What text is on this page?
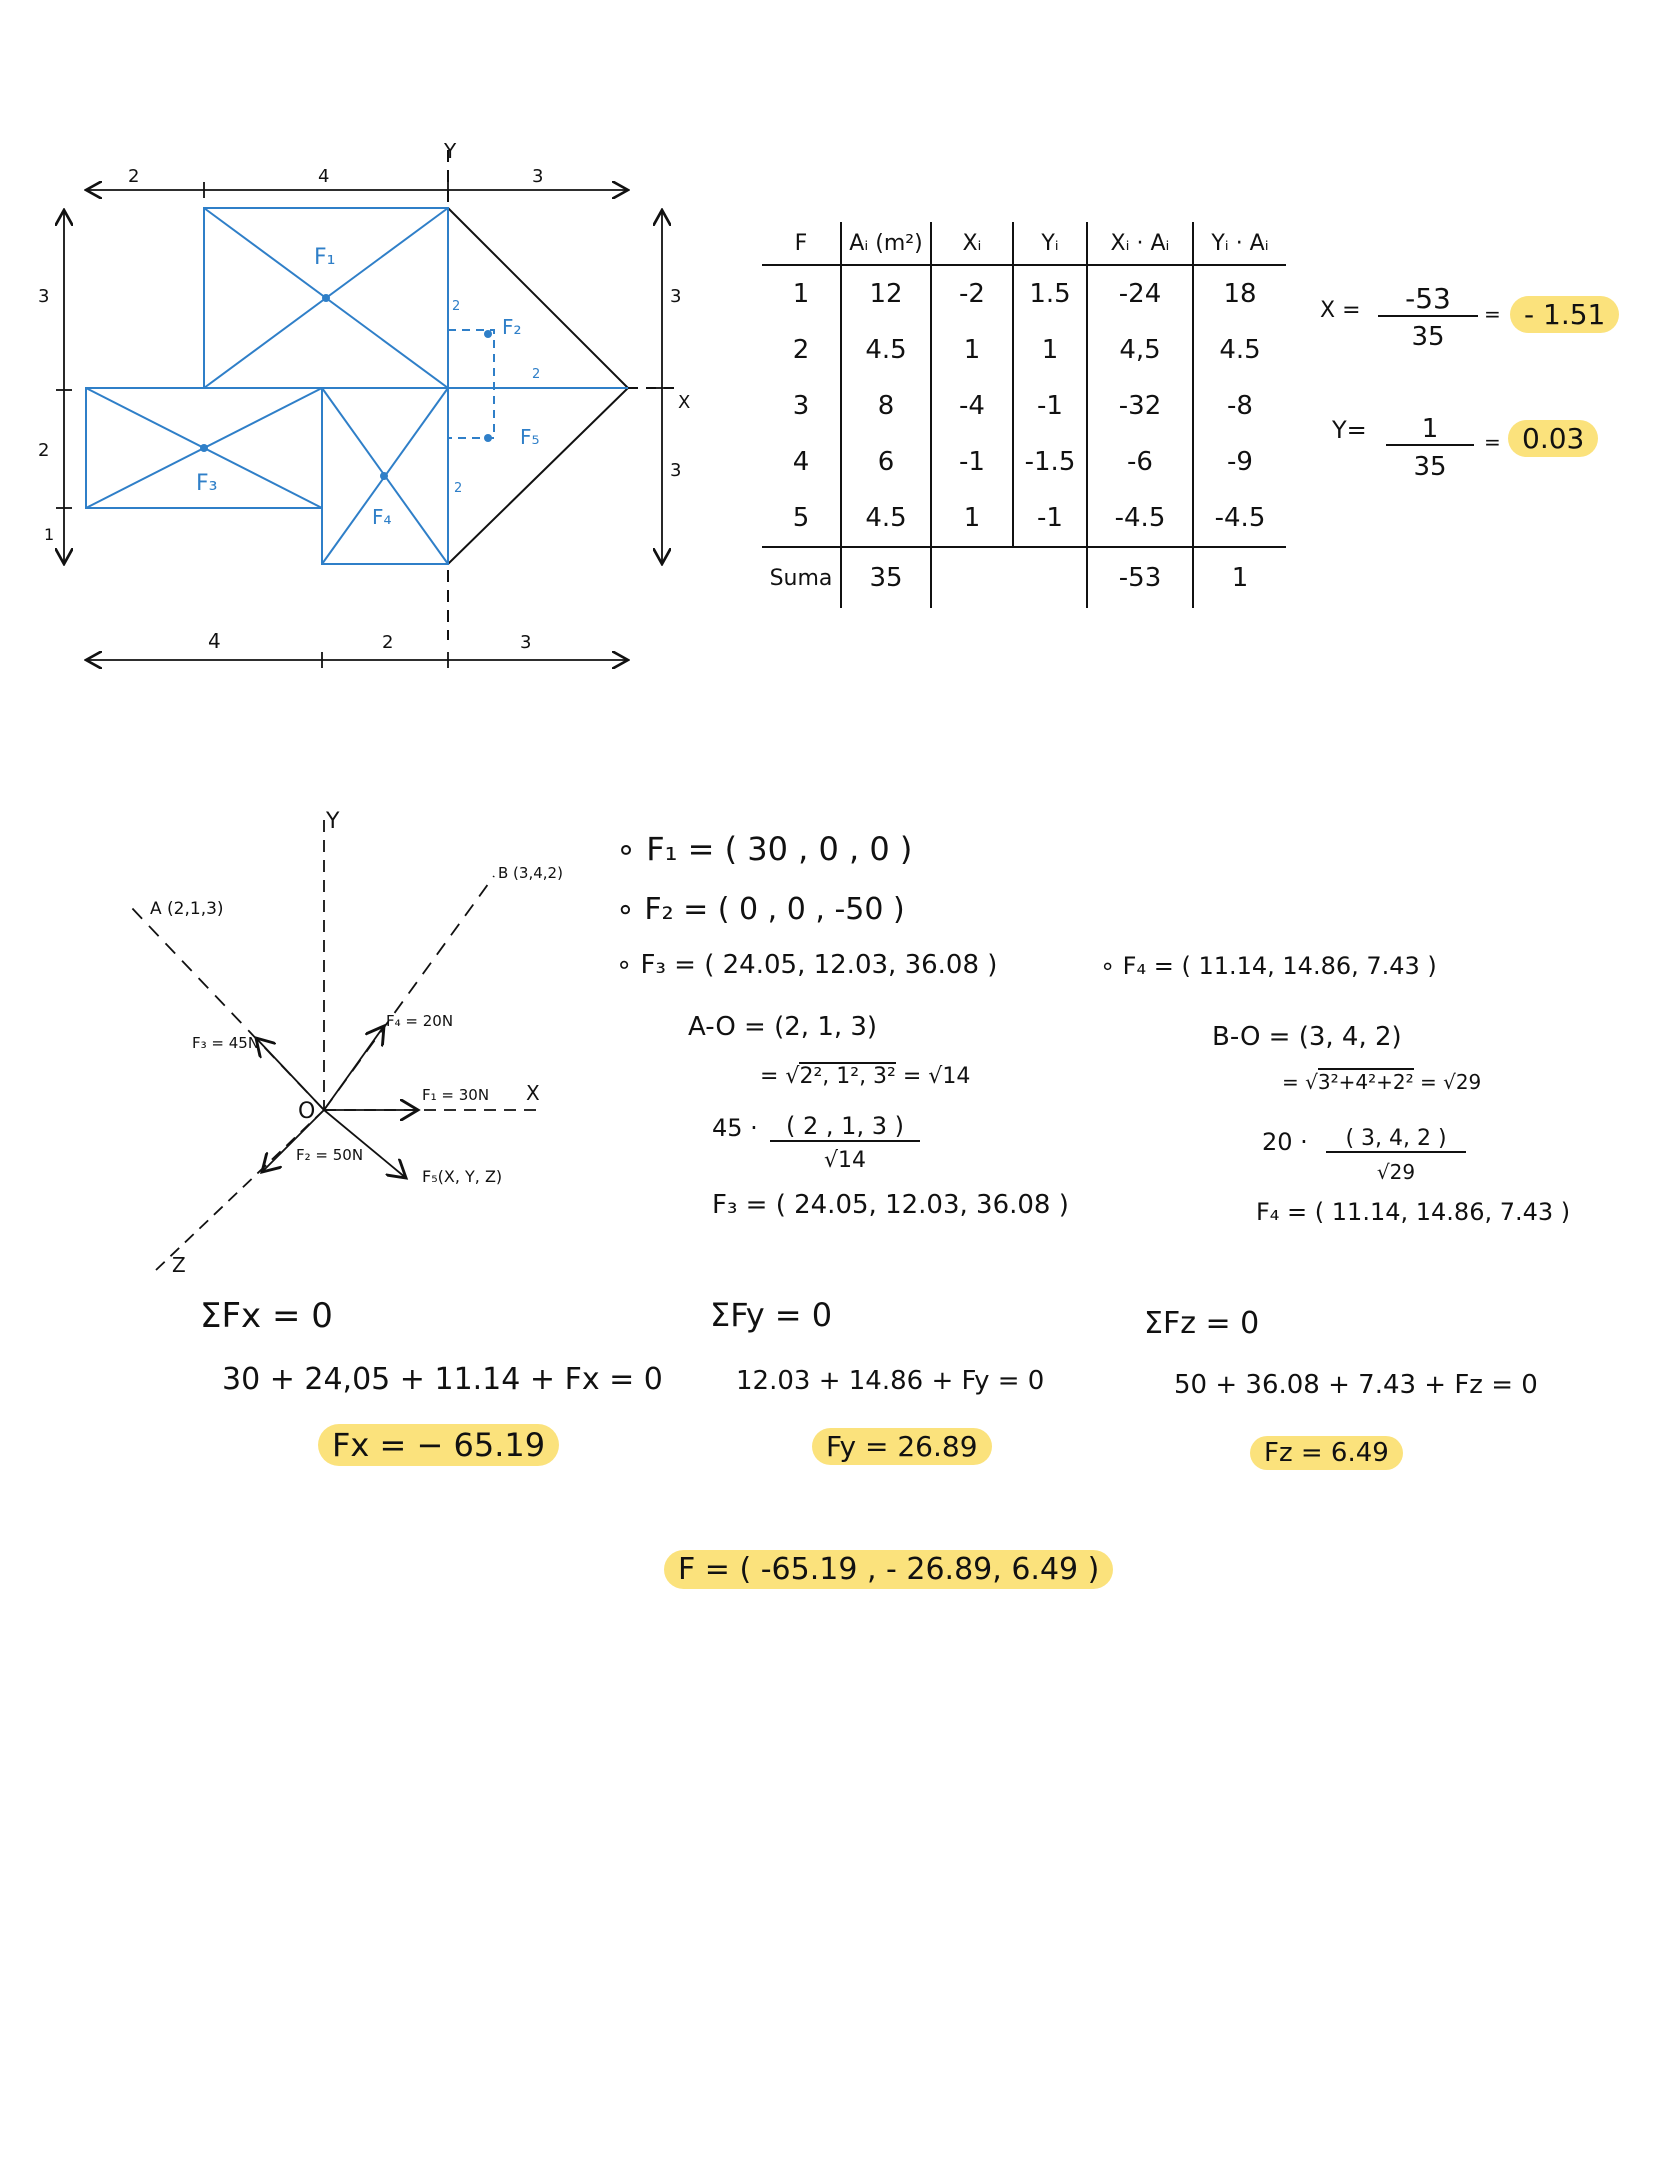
2	4	3
4	2	3
3
2
1
3
3
Y
X
F₁
F₂
F₃
F₄
F₅
2
2
2
F	Aᵢ (m²)	Xᵢ	Yᵢ	Xᵢ · Aᵢ	Yᵢ · Aᵢ
1	12	-2	1.5	-24	18
2	4.5	1	1	4,5	4.5
3	8	-4	-1	-32	-8
4	6	-1	-1.5	-6	-9
5	4.5	1	-1	-4.5	-4.5
Suma	35			-53	1
X =	-53
35
= - 1.51
Y=	1
35
= 0.03
Y
X
Z
O
A (2,1,3)
B (3,4,2)
F₁ = 30N
F₂ = 50N
F₃ = 45N
F₄ = 20N
F₅(X, Y, Z)
∘ F₁ = ( 30 , 0 , 0 )
∘ F₂ = ( 0 , 0 , -50 )
∘ F₃ = ( 24.05, 12.03, 36.08 )	∘ F₄ = ( 11.14, 14.86, 7.43 )
A-O = (2, 1, 3)
= √2², 1², 3² = √14
45 ·	( 2 , 1, 3 )
√14
F₃ = ( 24.05, 12.03, 36.08 )
B-O = (3, 4, 2)
= √3²+4²+2² = √29
20 ·	( 3, 4, 2 )
√29
F₄ = ( 11.14, 14.86, 7.43 )
ΣFx = 0
30 + 24,05 + 11.14 + Fx = 0
Fx = − 65.19
ΣFy = 0
12.03 + 14.86 + Fy = 0
Fy = 26.89
ΣFz = 0
50 + 36.08 + 7.43 + Fz = 0
Fz = 6.49
F = ( -65.19 , - 26.89, 6.49 )
